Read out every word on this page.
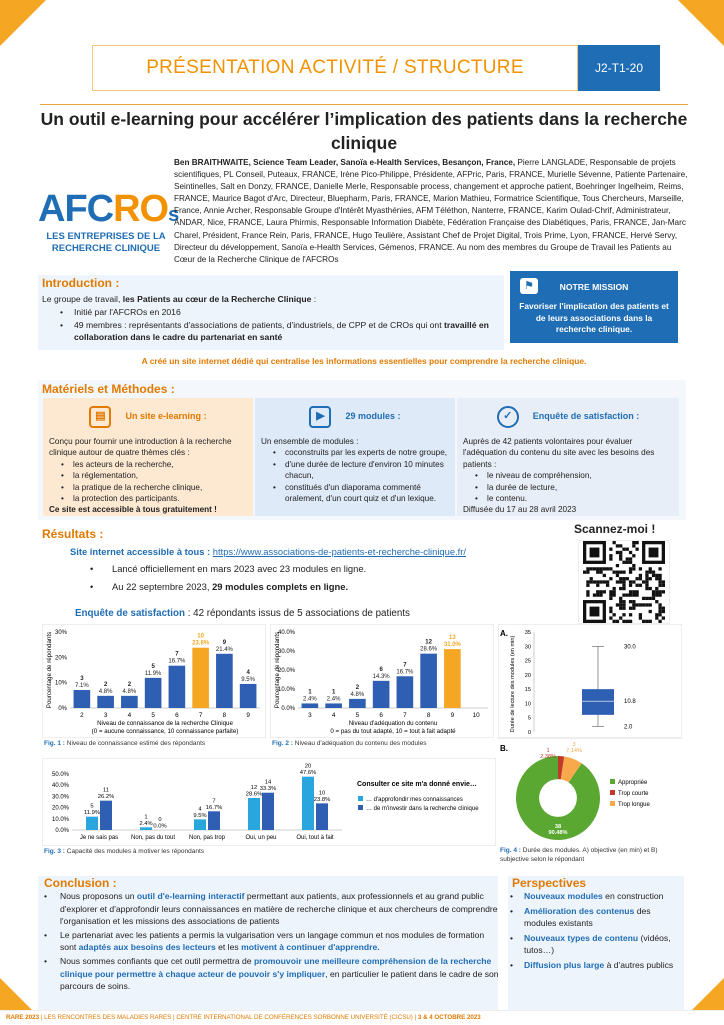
PRÉSENTATION ACTIVITÉ / STRUCTURE	J2-T1-20
Un outil e-learning pour accélérer l’implication des patients dans la recherche clinique
AFCROs
LES ENTREPRISES DE LA
RECHERCHE CLINIQUE
Ben BRAITHWAITE, Science Team Leader, Sanoïa e-Health Services, Besançon, France, Pierre LANGLADE, Responsable de projets scientifiques, PL Conseil, Puteaux, FRANCE, Irène Pico-Philippe, Présidente, AFPric, Paris, FRANCE, Murielle Sévenne, Patiente Partenaire, Seintinelles, Salt en Donzy, FRANCE, Danielle Merle, Responsable process, changement et approche patient, Boehringer Ingelheim, Reims, FRANCE, Maurice Bagot d'Arc, Directeur, Bluepharm, Paris, FRANCE, Marion Mathieu, Formatrice Scientifique, Tous Chercheurs, Marseille, France, Annie Archer, Responsable Groupe d'Intérêt Myasthénies, AFM Téléthon, Nanterre, FRANCE, Karim Oulad-Chrif, Administrateur, ANDAR, Nice, FRANCE, Laura Phirmis, Responsable Information Diabète, Fédération Française des Diabétiques, Paris, FRANCE, Jan-Marc Charel, Président, France Rein, Paris, FRANCE, Hugo Teulière, Assistant Chef de Projet Digital, Trois Prime, Lyon, FRANCE, Hervé Servy, Directeur du développement, Sanoïa e-Health Services, Gémenos, FRANCE. Au nom des membres du Groupe de Travail les Patients au Cœur de la Recherche Clinique de l'AFCROs
Introduction :
Le groupe de travail, les Patients au cœur de la Recherche Clinique :
• Initié par l'AFCROs en 2016
• 49 membres : représentants d'associations de patients, d'industriels, de CPP et de CROs qui ont travaillé en collaboration dans le cadre du partenariat en santé
⚑	NOTRE MISSION
Favoriser l'implication des patients et de leurs associations dans la recherche clinique.
A créé un site internet dédié qui centralise les informations essentielles pour comprendre la recherche clinique.
Matériels et Méthodes :
▤	Un site e-learning :
Conçu pour fournir une introduction à la recherche clinique autour de quatre thèmes clés :
• les acteurs de la recherche,
• la réglementation,
• la pratique de la recherche clinique,
• la protection des participants.
Ce site est accessible à tous gratuitement !
▶	29 modules :
Un ensemble de modules :
• coconstruits par les experts de notre groupe,
• d'une durée de lecture d'environ 10 minutes chacun,
• constitués d'un diaporama commenté oralement, d'un court quiz et d'un lexique.
✓	Enquête de satisfaction :
Auprès de 42 patients volontaires pour évaluer l'adéquation du contenu du site avec les besoins des patients :
• le niveau de compréhension,
• la durée de lecture,
• le contenu.
Diffusée du 17 au 28 avril 2023
Résultats :
Site internet accessible à tous : https://www.associations-de-patients-et-recherche-clinique.fr/
• Lancé officiellement en mars 2023 avec 23 modules en ligne.
• Au 22 septembre 2023, 29 modules complets en ligne.
Scannez-moi !
Enquête de satisfaction : 42 répondants issus de 5 associations de patients
0%
10%
20%
30%
3
7.1%
2
2
4.8%
3
2
4.8%
4
5
11.9%
5
7
16.7%
6
10
23.8%
7
9
21.4%
8
4
9.5%
9
Niveau de connaissance de la recherche Clinique
(0 = aucune connaissance, 10 connaissance parfaite)
Pourcentage de répondants
Fig. 1 : Niveau de connaissance estimé des répondants
0.0%
10.0%
20.0%
30.0%
40.0%
1
2.4%
3
1
2.4%
4
2
4.8%
5
6
14.3%
6
7
16.7%
7
12
28.6%
8
13
31.0%
9	10
Niveau d'adéquation du contenu
0 = pas du tout adapté, 10 = tout à fait adapté
Pourcentage de répondants
Fig. 2 : Niveau d'adéquation du contenu des modules
0.0%
10.0%
20.0%
30.0%
40.0%
50.0%
5
11.9%
11
26.2%
Je ne sais pas
1
2.4%
0
0.0%
Non, pas du tout
4
9.5%
7
16.7%
Non, pas trop
12
28.6%
14
33.3%
Oui, un peu
20
47.6%
10
23.8%
Oui, tout à fait
Consulter ce site m'a donné envie…
… d'approfondir mes connaissances
… de m'investir dans la recherche clinique
Fig. 3 : Capacité des modules à motiver les répondants
A.
0
5
10
15
20
25
30
35
Durée de lecture des modules (en min)	30.0
10.8
2.0
B.
38
90.48%
1
2.38%
3
7.14%
Appropriée
Trop courte
Trop longue
Fig. 4 : Durée des modules. A) objective (en min) et B) subjective selon le répondant
Conclusion :
• Nous proposons un outil d'e-learning interactif permettant aux patients, aux professionnels et au grand public d'explorer et d'approfondir leurs connaissances en matière de recherche clinique et aux chercheurs de comprendre l'organisation et les missions des associations de patients
• Le partenariat avec les patients a permis la vulgarisation vers un langage commun et nos modules de formation sont adaptés aux besoins des lecteurs et les motivent à continuer d'apprendre.
• Nous sommes confiants que cet outil permettra de promouvoir une meilleure compréhension de la recherche clinique pour permettre à chaque acteur de pouvoir s'y impliquer, en particulier le patient dans le cadre de son parcours de soins.
Perspectives
• Nouveaux modules en construction
• Amélioration des contenus des modules existants
• Nouveaux types de contenu (vidéos, tutos…)
• Diffusion plus large à d'autres publics
RARE 2023 | LES RENCONTRES DES MALADIES RARES | CENTRE INTERNATIONAL DE CONFÉRENCES SORBONNE UNIVERSITÉ (CICSU) | 3 & 4 OCTOBRE 2023
